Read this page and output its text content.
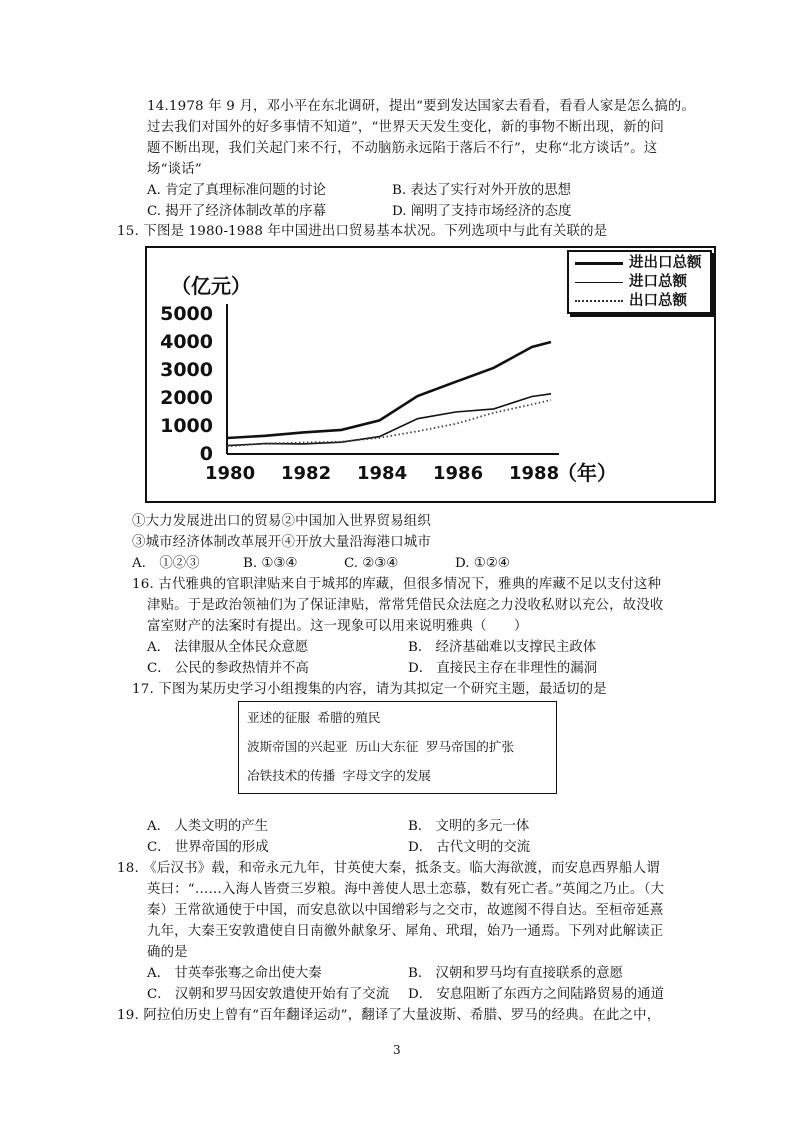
14.1978 年 9 月，邓小平在东北调研，提出“要到发达国家去看看，看看人家是怎么搞的。
过去我们对国外的好多事情不知道”，“世界天天发生变化，新的事物不断出现，新的问
题不断出现，我们关起门来不行，不动脑筋永远陷于落后不行”，史称“北方谈话”。这
场“谈话”
A. 肯定了真理标准问题的讨论	B. 表达了实行对外开放的思想
C. 揭开了经济体制改革的序幕	D. 阐明了支持市场经济的态度
15. 下图是 1980-1988 年中国进出口贸易基本状况。下列选项中与此有关联的是
（亿元）
进出口总额
进口总额
出口总额
0
1000
2000
3000
4000
5000
1980 1982 1984 1986 1988
（年）
①大力发展进出口的贸易②中国加入世界贸易组织
③城市经济体制改革展开④开放大量沿海港口城市
A.　①②③	B. ①③④	C. ②③④	D. ①②④
16. 古代雅典的官职津贴来自于城邦的库藏，但很多情况下，雅典的库藏不足以支付这种
津贴。于是政治领袖们为了保证津贴，常常凭借民众法庭之力没收私财以充公，故没收
富室财产的法案时有提出。这一现象可以用来说明雅典（　　）
A． 法律服从全体民众意愿	B． 经济基础难以支撑民主政体
C． 公民的参政热情并不高	D． 直接民主存在非理性的漏洞
17. 下图为某历史学习小组搜集的内容，请为其拟定一个研究主题，最适切的是
亚述的征服 希腊的殖民
波斯帝国的兴起亚 历山大东征 罗马帝国的扩张
冶铁技术的传播 字母文字的发展
A． 人类文明的产生	B． 文明的多元一体
C． 世界帝国的形成	D． 古代文明的交流
18. 《后汉书》载，和帝永元九年，甘英使大秦，抵条支。临大海欲渡，而安息西界船人谓
英曰：“……入海人皆赍三岁粮。海中善使人思土恋慕，数有死亡者。”英闻之乃止。（大
秦）王常欲通使于中国，而安息欲以中国缯彩与之交市，故遮阂不得自达。至桓帝延熹
九年，大秦王安敦遣使自日南徼外献象牙、犀角、玳瑁，始乃一通焉。下列对此解读正
确的是
A． 甘英奉张骞之命出使大秦	B． 汉朝和罗马均有直接联系的意愿
C． 汉朝和罗马因安敦遣使开始有了交流 D． 安息阻断了东西方之间陆路贸易的通道
19. 阿拉伯历史上曾有“百年翻译运动”，翻译了大量波斯、希腊、罗马的经典。在此之中，
3
